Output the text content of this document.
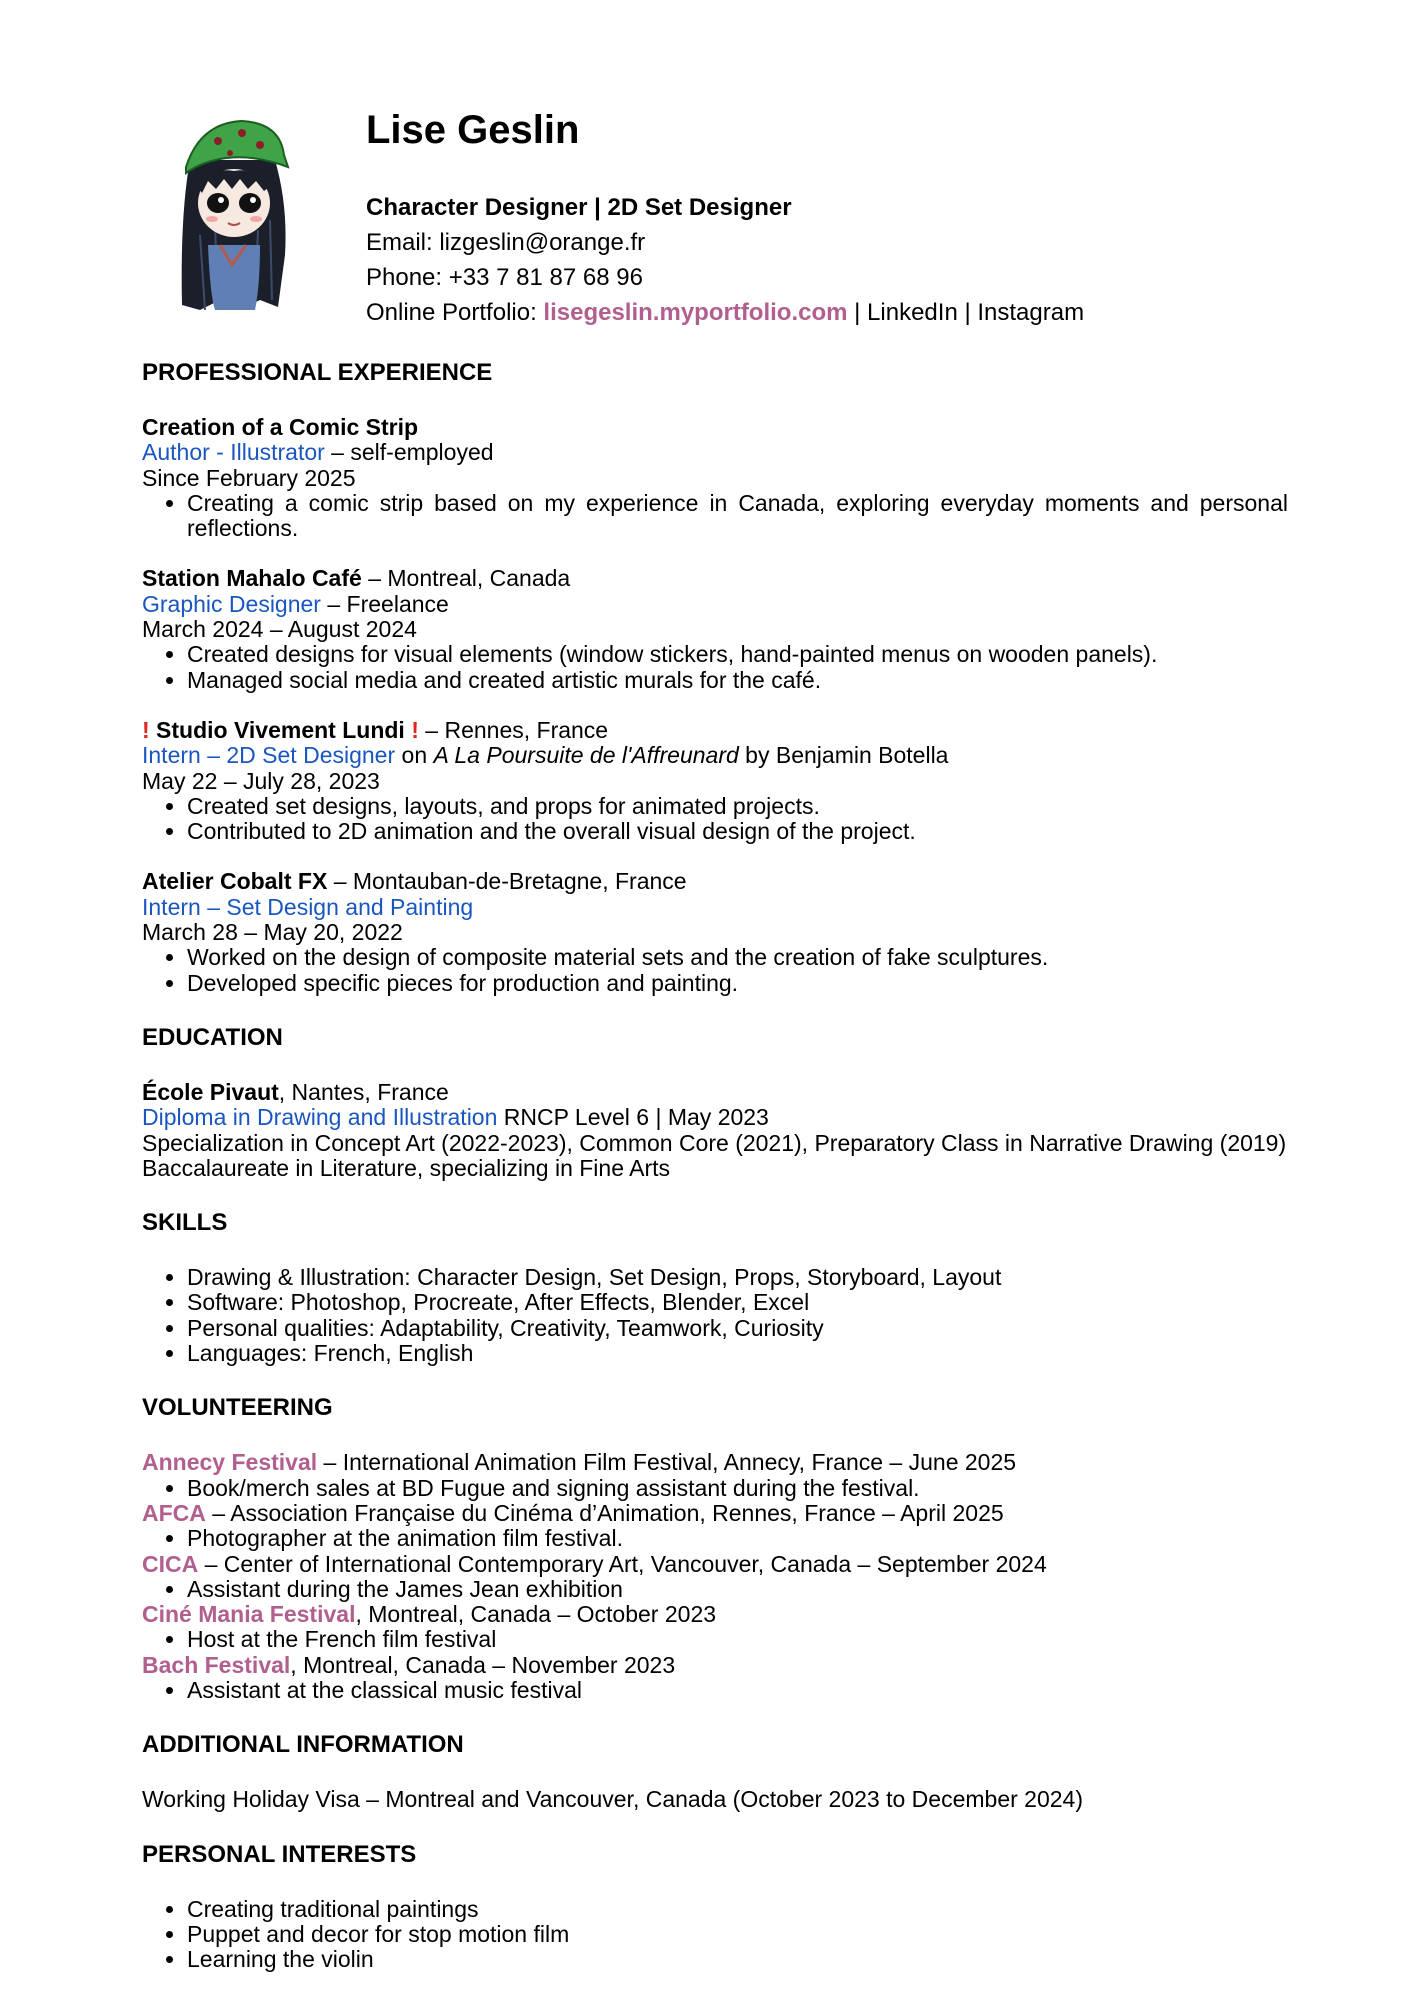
Lise Geslin
Character Designer | 2D Set Designer
Email: lizgeslin@orange.fr
Phone: +33 7 81 87 68 96
Online Portfolio: lisegeslin.myportfolio.com | LinkedIn | Instagram
PROFESSIONAL EXPERIENCE
Creation of a Comic Strip
Author - Illustrator – self-employed
Since February 2025
• Creating a comic strip based on my experience in Canada, exploring everyday moments and personal reflections.
Station Mahalo Café – Montreal, Canada
Graphic Designer – Freelance
March 2024 – August 2024
• Created designs for visual elements (window stickers, hand-painted menus on wooden panels).
• Managed social media and created artistic murals for the café.
! Studio Vivement Lundi ! – Rennes, France
Intern – 2D Set Designer on A La Poursuite de l'Affreunard by Benjamin Botella
May 22 – July 28, 2023
• Created set designs, layouts, and props for animated projects.
• Contributed to 2D animation and the overall visual design of the project.
Atelier Cobalt FX – Montauban-de-Bretagne, France
Intern – Set Design and Painting
March 28 – May 20, 2022
• Worked on the design of composite material sets and the creation of fake sculptures.
• Developed specific pieces for production and painting.
EDUCATION
École Pivaut, Nantes, France
Diploma in Drawing and Illustration RNCP Level 6 | May 2023
Specialization in Concept Art (2022-2023), Common Core (2021), Preparatory Class in Narrative Drawing (2019)
Baccalaureate in Literature, specializing in Fine Arts
SKILLS
• Drawing & Illustration: Character Design, Set Design, Props, Storyboard, Layout
• Software: Photoshop, Procreate, After Effects, Blender, Excel
• Personal qualities: Adaptability, Creativity, Teamwork, Curiosity
• Languages: French, English
VOLUNTEERING
Annecy Festival – International Animation Film Festival, Annecy, France – June 2025
• Book/merch sales at BD Fugue and signing assistant during the festival.
AFCA – Association Française du Cinéma d’Animation, Rennes, France – April 2025
• Photographer at the animation film festival.
CICA – Center of International Contemporary Art, Vancouver, Canada – September 2024
• Assistant during the James Jean exhibition
Ciné Mania Festival, Montreal, Canada – October 2023
• Host at the French film festival
Bach Festival, Montreal, Canada – November 2023
• Assistant at the classical music festival
ADDITIONAL INFORMATION
Working Holiday Visa – Montreal and Vancouver, Canada (October 2023 to December 2024)
PERSONAL INTERESTS
• Creating traditional paintings
• Puppet and decor for stop motion film
• Learning the violin
